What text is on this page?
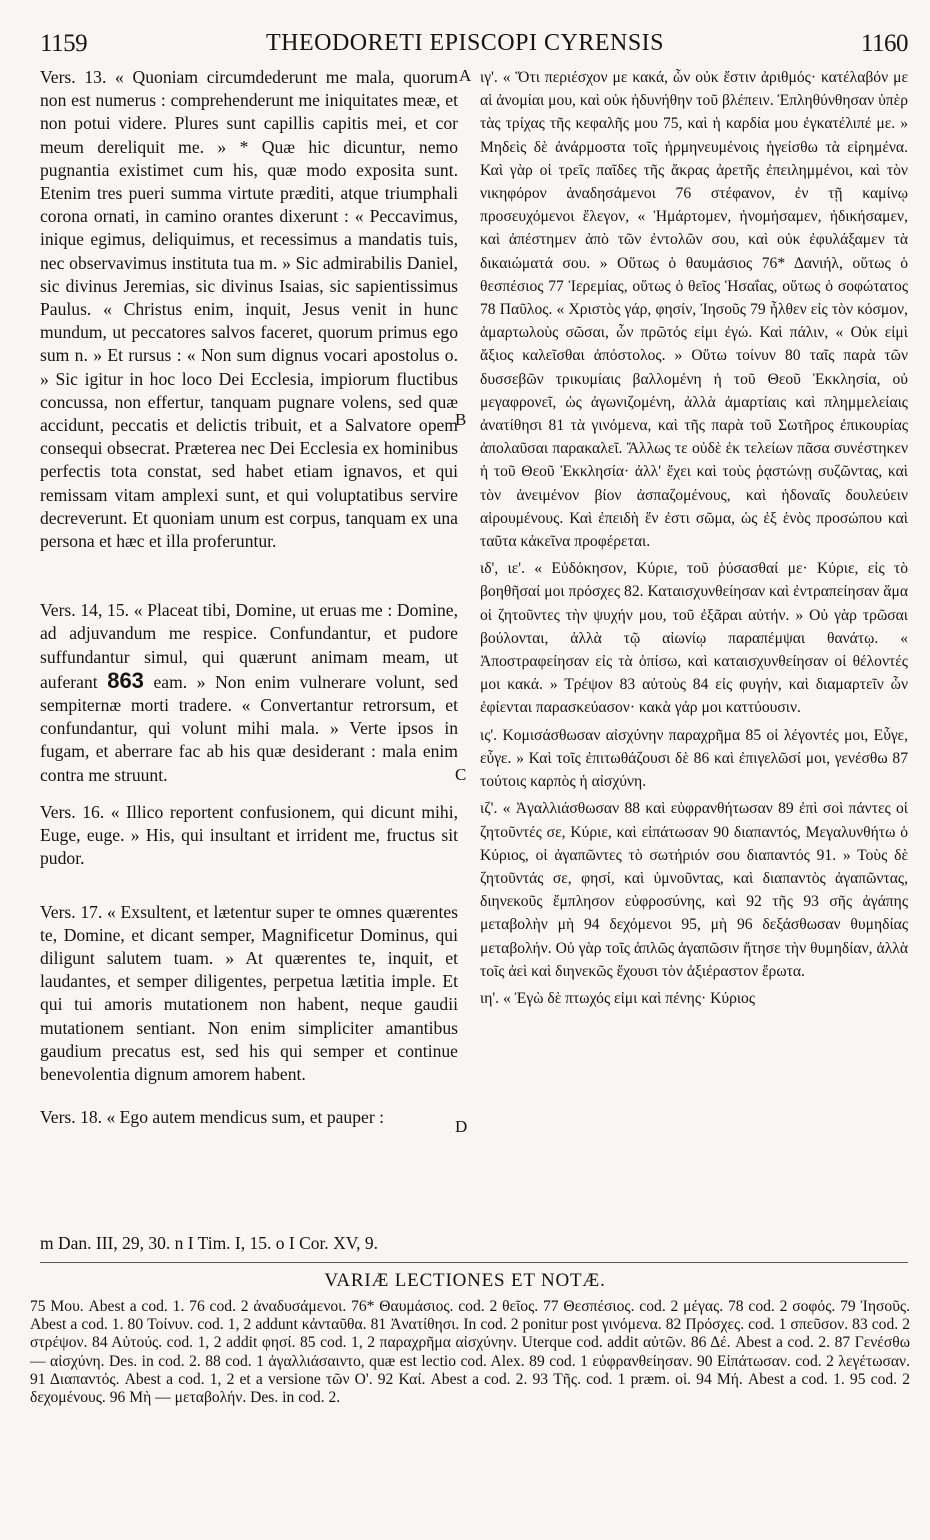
1159	THEODORETI EPISCOPI CYRENSIS	1160
A
B
C
D

Vers. 13. « Quoniam circumdederunt me mala, quorum non est numerus : comprehenderunt me iniquitates meæ, et non potui videre. Plures sunt capillis capitis mei, et cor meum dereliquit me. » * Quæ hic dicuntur, nemo pugnantia existimet cum his, quæ modo exposita sunt. Etenim tres pueri summa virtute præditi, atque triumphali corona ornati, in camino orantes dixerunt : « Peccavimus, inique egimus, deliquimus, et recessimus a mandatis tuis, nec observavimus instituta tua m. » Sic admirabilis Daniel, sic divinus Jeremias, sic divinus Isaias, sic sapientissimus Paulus. « Christus enim, inquit, Jesus venit in hunc mundum, ut peccatores salvos faceret, quorum primus ego sum n. » Et rursus : « Non sum dignus vocari apostolus o. » Sic igitur in hoc loco Dei Ecclesia, impiorum fluctibus concussa, non effertur, tanquam pugnare volens, sed quæ accidunt, peccatis et delictis tribuit, et a Salvatore opem consequi obsecrat. Præterea nec Dei Ecclesia ex hominibus perfectis tota constat, sed habet etiam ignavos, et qui remissam vitam amplexi sunt, et qui voluptatibus servire decreverunt. Et quoniam unum est corpus, tanquam ex una persona et hæc et illa proferuntur.

Vers. 14, 15. « Placeat tibi, Domine, ut eruas me : Domine, ad adjuvandum me respice. Confundantur, et pudore suffundantur simul, qui quærunt animam meam, ut auferant 863 eam. » Non enim vulnerare volunt, sed sempiternæ morti tradere. « Convertantur retrorsum, et confundantur, qui volunt mihi mala. » Verte ipsos in fugam, et aberrare fac ab his quæ desiderant : mala enim contra me struunt.

Vers. 16. « Illico reportent confusionem, qui dicunt mihi, Euge, euge. » His, qui insultant et irrident me, fructus sit pudor.

Vers. 17. « Exsultent, et lætentur super te omnes quærentes te, Domine, et dicant semper, Magnificetur Dominus, qui diligunt salutem tuam. » At quærentes te, inquit, et laudantes, et semper diligentes, perpetua lætitia imple. Et qui tui amoris mutationem non habent, neque gaudii mutationem sentiant. Non enim simpliciter amantibus gaudium precatus est, sed his qui semper et continue benevolentia dignum amorem habent.

Vers. 18. « Ego autem mendicus sum, et pauper :

m Dan. III, 29, 30. n I Tim. I, 15. o I Cor. XV, 9.

ιγ'. « Ὅτι περιέσχον με κακά, ὧν οὐκ ἔστιν ἀριθμός· κατέλαβόν με αἱ ἀνομίαι μου, καὶ οὐκ ἠδυνήθην τοῦ βλέπειν. Ἐπληθύνθησαν ὑπὲρ τὰς τρίχας τῆς κεφαλῆς μου 75, καὶ ἡ καρδία μου ἐγκατέλιπέ με. » Μηδεὶς δὲ ἀνάρμοστα τοῖς ἡρμηνευμένοις ἡγείσθω τὰ εἰρημένα. Καὶ γὰρ οἱ τρεῖς παῖδες τῆς ἄκρας ἀρετῆς ἐπειλημμένοι, καὶ τὸν νικηφόρον ἀναδησάμενοι 76 στέφανον, ἐν τῇ καμίνῳ προσευχόμενοι ἔλεγον, « Ἡμάρτομεν, ἠνομήσαμεν, ἠδικήσαμεν, καὶ ἀπέστημεν ἀπὸ τῶν ἐντολῶν σου, καὶ οὐκ ἐφυλάξαμεν τὰ δικαιώματά σου. » Οὕτως ὁ θαυμάσιος 76* Δανιήλ, οὕτως ὁ θεσπέσιος 77 Ἱερεμίας, οὕτως ὁ θεῖος Ἡσαΐας, οὕτως ὁ σοφώτατος 78 Παῦλος. « Χριστὸς γάρ, φησίν, Ἰησοῦς 79 ἦλθεν εἰς τὸν κόσμον, ἁμαρτωλοὺς σῶσαι, ὧν πρῶτός εἰμι ἐγώ. Καὶ πάλιν, « Οὐκ εἰμὶ ἄξιος καλεῖσθαι ἀπόστολος. » Οὕτω τοίνυν 80 ταῖς παρὰ τῶν δυσσεβῶν τρικυμίαις βαλλομένη ἡ τοῦ Θεοῦ Ἐκκλησία, οὐ μεγαφρονεῖ, ὡς ἀγωνιζομένη, ἀλλὰ ἁμαρτίαις καὶ πλημμελείαις ἀνατίθησι 81 τὰ γινόμενα, καὶ τῆς παρὰ τοῦ Σωτῆρος ἐπικουρίας ἀπολαῦσαι παρακαλεῖ. Ἄλλως τε οὐδὲ ἐκ τελείων πᾶσα συνέστηκεν ἡ τοῦ Θεοῦ Ἐκκλησία· ἀλλ' ἔχει καὶ τοὺς ῥᾳστώνῃ συζῶντας, καὶ τὸν ἀνειμένον βίον ἀσπαζομένους, καὶ ἡδοναῖς δουλεύειν αἱρουμένους. Καὶ ἐπειδὴ ἕν ἐστι σῶμα, ὡς ἐξ ἑνὸς προσώπου καὶ ταῦτα κἀκεῖνα προφέρεται.

ιδ', ιε'. « Εὐδόκησον, Κύριε, τοῦ ῥύσασθαί με· Κύριε, εἰς τὸ βοηθῆσαί μοι πρόσχες 82. Καταισχυνθείησαν καὶ ἐντραπείησαν ἅμα οἱ ζητοῦντες τὴν ψυχήν μου, τοῦ ἐξᾶραι αὐτήν. » Οὐ γὰρ τρῶσαι βούλονται, ἀλλὰ τῷ αἰωνίῳ παραπέμψαι θανάτῳ. « Ἀποστραφείησαν εἰς τὰ ὀπίσω, καὶ καταισχυνθείησαν οἱ θέλοντές μοι κακά. » Τρέψον 83 αὐτοὺς 84 εἰς φυγήν, καὶ διαμαρτεῖν ὧν ἐφίενται παρασκεύασον· κακὰ γάρ μοι καττύουσιν.

ις'. Κομισάσθωσαν αἰσχύνην παραχρῆμα 85 οἱ λέγοντές μοι, Εὖγε, εὖγε. » Καὶ τοῖς ἐπιτωθάζουσι δὲ 86 καὶ ἐπιγελῶσί μοι, γενέσθω 87 τούτοις καρπὸς ἡ αἰσχύνη.

ιζ'. « Ἀγαλλιάσθωσαν 88 καὶ εὐφρανθήτωσαν 89 ἐπὶ σοὶ πάντες οἱ ζητοῦντές σε, Κύριε, καὶ εἰπάτωσαν 90 διαπαντός, Μεγαλυνθήτω ὁ Κύριος, οἱ ἀγαπῶντες τὸ σωτήριόν σου διαπαντός 91. » Τοὺς δὲ ζητοῦντάς σε, φησί, καὶ ὑμνοῦντας, καὶ διαπαντὸς ἀγαπῶντας, διηνεκοῦς ἔμπλησον εὐφροσύνης, καὶ 92 τῆς 93 σῆς ἀγάπης μεταβολὴν μὴ 94 δεχόμενοι 95, μὴ 96 δεξάσθωσαν θυμηδίας μεταβολήν. Οὐ γὰρ τοῖς ἁπλῶς ἀγαπῶσιν ἤτησε τὴν θυμηδίαν, ἀλλὰ τοῖς ἀεὶ καὶ διηνεκῶς ἔχουσι τὸν ἀξιέραστον ἔρωτα.

ιη'. « Ἐγὼ δὲ πτωχός εἰμι καὶ πένης· Κύριος

VARIÆ LECTIONES ET NOTÆ.
75 Μου. Abest a cod. 1. 76 cod. 2 ἀναδυσάμενοι. 76* Θαυμάσιος. cod. 2 θεῖος. 77 Θεσπέσιος. cod. 2 μέγας. 78 cod. 2 σοφός. 79 Ἰησοῦς. Abest a cod. 1. 80 Τοίνυν. cod. 1, 2 addunt κἀνταῦθα. 81 Ἀνατίθησι. In cod. 2 ponitur post γινόμενα. 82 Πρόσχες. cod. 1 σπεῦσον. 83 cod. 2 στρέψον. 84 Αὐτούς. cod. 1, 2 addit φησί. 85 cod. 1, 2 παραχρῆμα αἰσχύνην. Uterque cod. addit αὐτῶν. 86 Δέ. Abest a cod. 2. 87 Γενέσθω — αἰσχύνη. Des. in cod. 2. 88 cod. 1 ἀγαλλιάσαιντο, quæ est lectio cod. Alex. 89 cod. 1 εὐφρανθείησαν. 90 Εἰπάτωσαν. cod. 2 λεγέτωσαν. 91 Διαπαντός. Abest a cod. 1, 2 et a versione τῶν Ο'. 92 Καί. Abest a cod. 2. 93 Τῆς. cod. 1 præm. οἱ. 94 Μή. Abest a cod. 1. 95 cod. 2 δεχομένους. 96 Μὴ — μεταβολήν. Des. in cod. 2.
